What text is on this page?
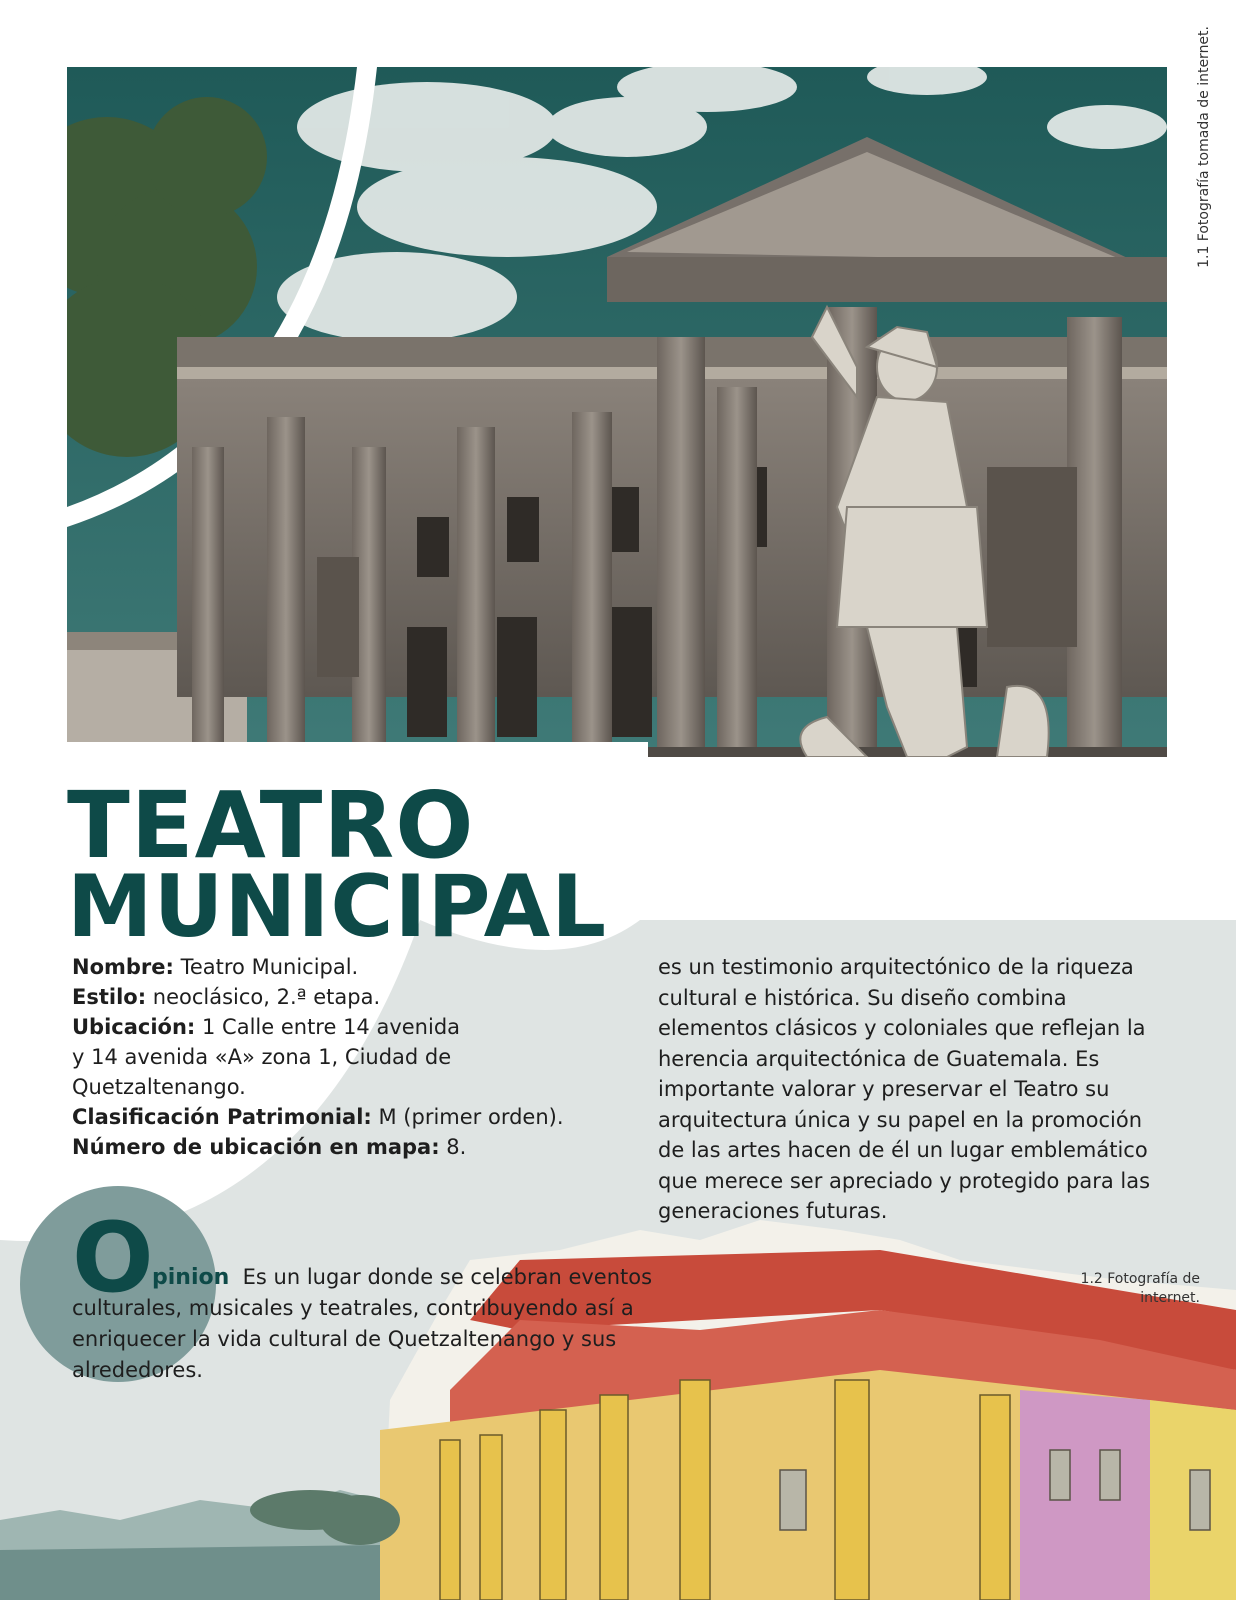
1.1 Fotografía tomada de internet.
TEATRO
MUNICIPAL
Nombre: Teatro Municipal.
Estilo: neoclásico, 2.ª etapa.
Ubicación: 1 Calle entre 14 avenida y 14 avenida «A» zona 1, Ciudad de Quetzaltenango.
Clasificación Patrimonial: M (primer orden).
Número de ubicación en mapa: 8.

es un testimonio arquitectónico de la riqueza cultural e histórica. Su diseño combina elementos clásicos y coloniales que reflejan la herencia arquitectónica de Guatemala. Es importante valorar y preservar el Teatro su arquitectura única y su papel en la promoción de las artes hacen de él un lugar emblemático que merece ser apreciado y protegido para las generaciones futuras.

O
pinion Es un lugar donde se celebran eventos culturales, musicales y teatrales, contribuyendo así a enriquecer la vida cultural de Quetzaltenango y sus alrededores.
1.2 Fotografía de
internet.
